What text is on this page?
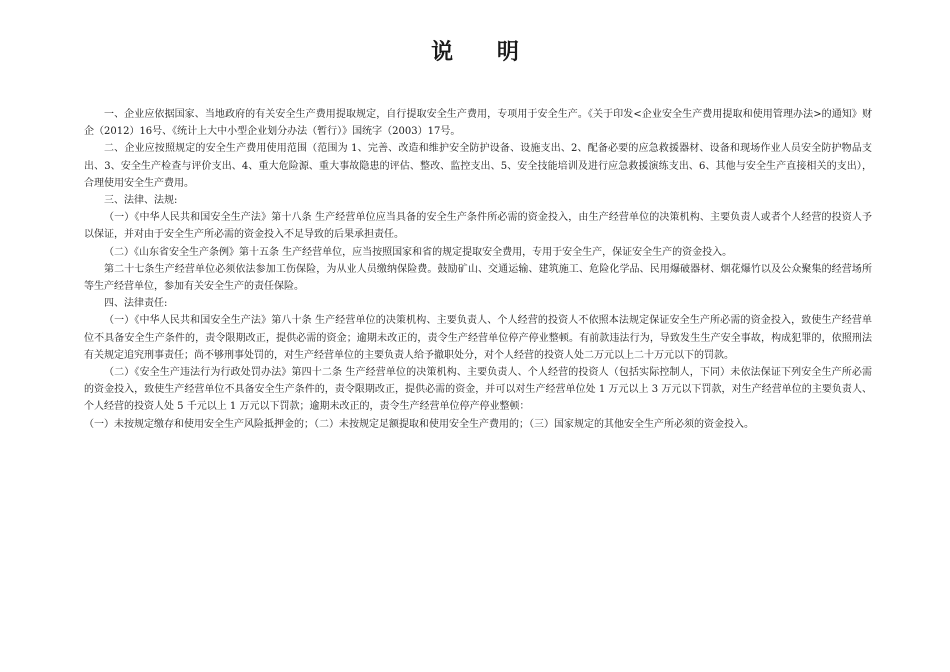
说 明

一、企业应依据国家、当地政府的有关安全生产费用提取规定，自行提取安全生产费用，专项用于安全生产。《关于印发<企业安全生产费用提取和使用管理办法>的通知》财企（2012）16号、《统计上大中小型企业划分办法（暂行）》国统字（2003）17号。

二、企业应按照规定的安全生产费用使用范围（范围为 1、完善、改造和维护安全防护设备、设施支出、2、配备必要的应急救援器材、设备和现场作业人员安全防护物品支出、3、安全生产检查与评价支出、4、重大危险源、重大事故隐患的评估、整改、监控支出、5、安全技能培训及进行应急救援演练支出、6、其他与安全生产直接相关的支出），合理使用安全生产费用。

三、法律、法规:

（一）《中华人民共和国安全生产法》第十八条 生产经营单位应当具备的安全生产条件所必需的资金投入，由生产经营单位的决策机构、主要负责人或者个人经营的投资人予以保证，并对由于安全生产所必需的资金投入不足导致的后果承担责任。

（二）《山东省安全生产条例》第十五条 生产经营单位，应当按照国家和省的规定提取安全费用，专用于安全生产，保证安全生产的资金投入。

第二十七条生产经营单位必须依法参加工伤保险，为从业人员缴纳保险费。鼓励矿山、交通运输、建筑施工、危险化学品、民用爆破器材、烟花爆竹以及公众聚集的经营场所等生产经营单位，参加有关安全生产的责任保险。

四、法律责任:

（一）《中华人民共和国安全生产法》第八十条 生产经营单位的决策机构、主要负责人、个人经营的投资人不依照本法规定保证安全生产所必需的资金投入，致使生产经营单位不具备安全生产条件的，责令限期改正，提供必需的资金；逾期未改正的，责令生产经营单位停产停业整顿。有前款违法行为，导致发生生产安全事故，构成犯罪的，依照刑法有关规定追究刑事责任；尚不够刑事处罚的，对生产经营单位的主要负责人给予撤职处分，对个人经营的投资人处二万元以上二十万元以下的罚款。

（二）《安全生产违法行为行政处罚办法》第四十二条 生产经营单位的决策机构、主要负责人、个人经营的投资人（包括实际控制人，下同）未依法保证下列安全生产所必需的资金投入，致使生产经营单位不具备安全生产条件的，责令限期改正，提供必需的资金，并可以对生产经营单位处 1 万元以上 3 万元以下罚款，对生产经营单位的主要负责人、个人经营的投资人处 5 千元以上 1 万元以下罚款；逾期未改正的，责令生产经营单位停产停业整顿：

（一）未按规定缴存和使用安全生产风险抵押金的；（二）未按规定足额提取和使用安全生产费用的；（三）国家规定的其他安全生产所必须的资金投入。
